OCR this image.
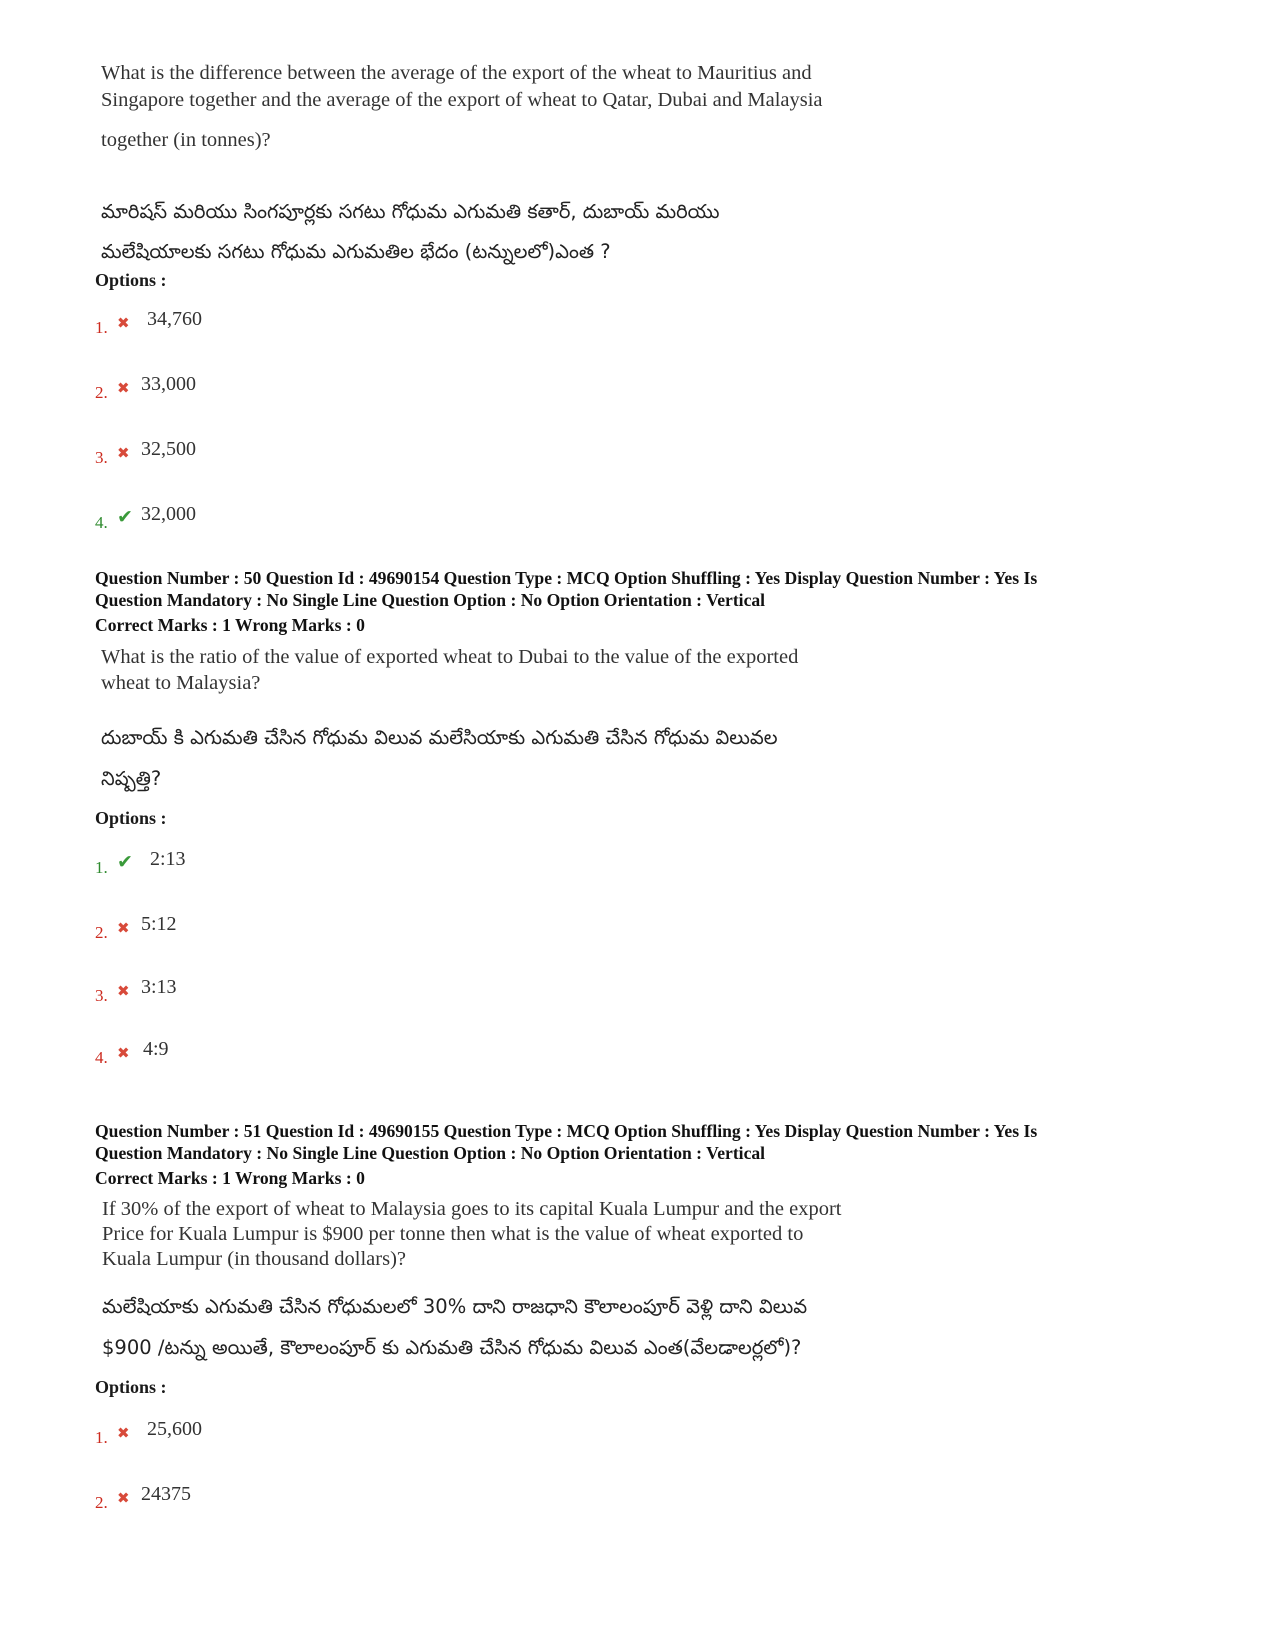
What is the difference between the average of the export of the wheat to Mauritius and
Singapore together and the average of the export of wheat to Qatar, Dubai and Malaysia
together (in tonnes)?
మారిషస్ మరియు సింగపూర్లకు సగటు గోధుమ ఎగుమతి కతార్, దుబాయ్ మరియు
మలేషియాలకు సగటు గోధుమ ఎగుమతిల భేదం (టన్నులలో)ఎంత ?
Options :
1. ✖ 34,760
2. ✖ 33,000
3. ✖ 32,500
4. ✔ 32,000
Question Number : 50 Question Id : 49690154 Question Type : MCQ Option Shuffling : Yes Display Question Number : Yes Is
Question Mandatory : No Single Line Question Option : No Option Orientation : Vertical
Correct Marks : 1 Wrong Marks : 0
What is the ratio of the value of exported wheat to Dubai to the value of the exported
wheat to Malaysia?
దుబాయ్ కి ఎగుమతి చేసిన గోధుమ విలువ మలేసియాకు ఎగుమతి చేసిన గోధుమ విలువల
నిష్పత్తి?
Options :
1. ✔ 2:13
2. ✖ 5:12
3. ✖ 3:13
4. ✖ 4:9
Question Number : 51 Question Id : 49690155 Question Type : MCQ Option Shuffling : Yes Display Question Number : Yes Is
Question Mandatory : No Single Line Question Option : No Option Orientation : Vertical
Correct Marks : 1 Wrong Marks : 0
If 30% of the export of wheat to Malaysia goes to its capital Kuala Lumpur and the export
Price for Kuala Lumpur is $900 per tonne then what is the value of wheat exported to
Kuala Lumpur (in thousand dollars)?
మలేషియాకు ఎగుమతి చేసిన గోధుమలలో 30% దాని రాజధాని కౌలాలంపూర్ వెళ్లి దాని విలువ
$900 /టన్ను అయితే, కౌలాలంపూర్ కు ఎగుమతి చేసిన గోధుమ విలువ ఎంత(వేలడాలర్లలో)?
Options :
1. ✖ 25,600
2. ✖ 24375
